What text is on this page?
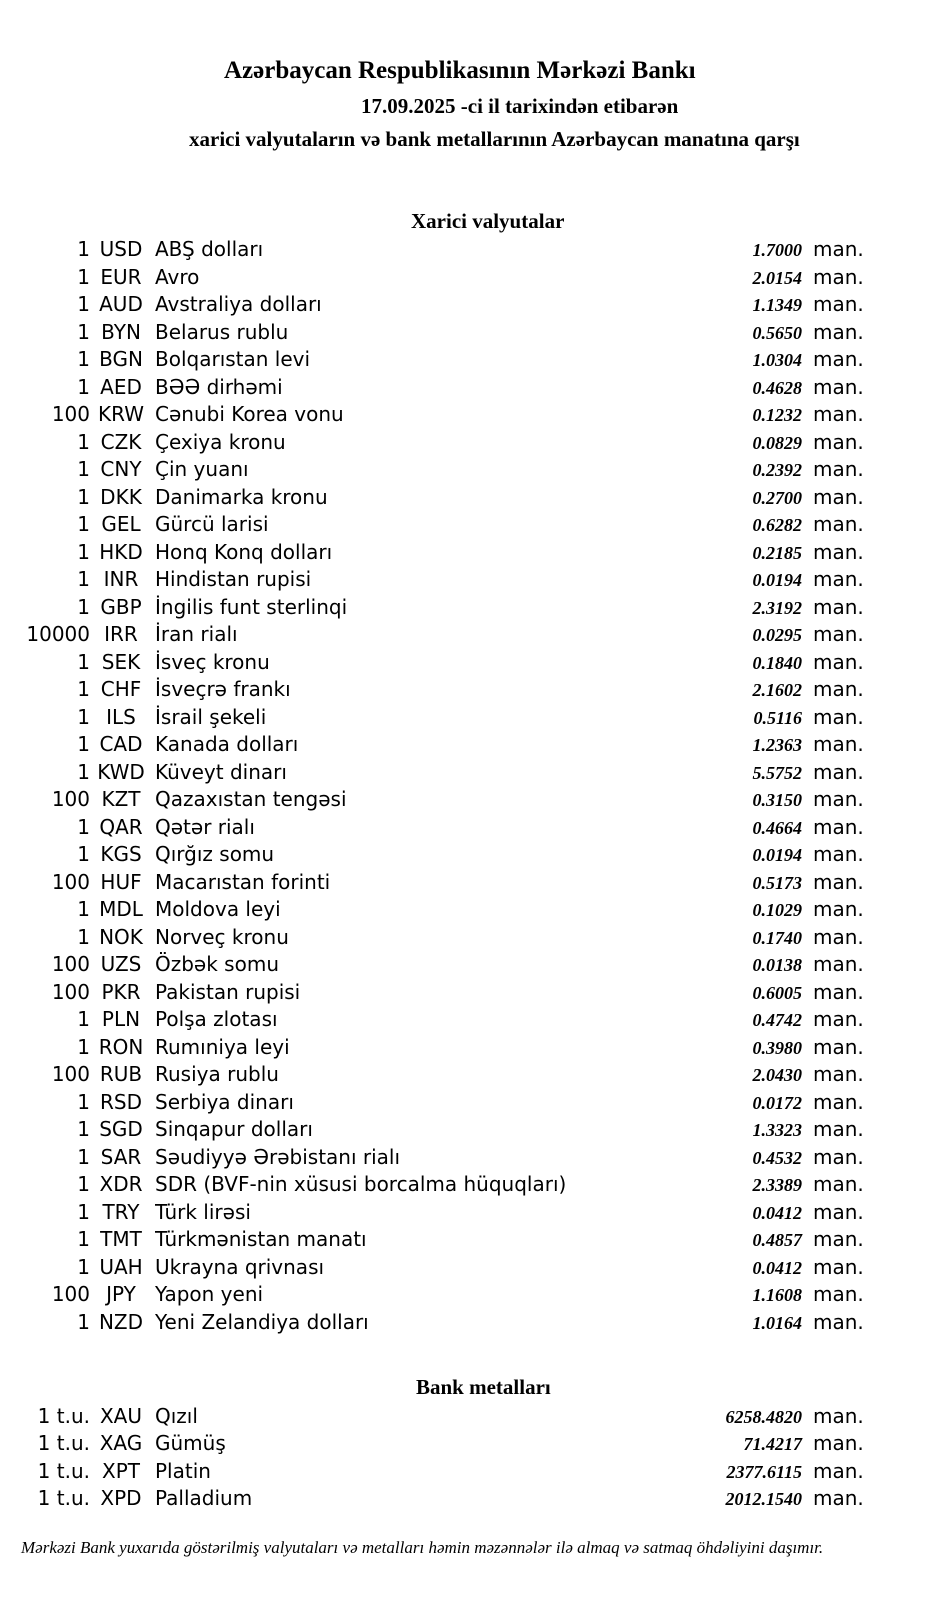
Azərbaycan Respublikasının Mərkəzi Bankı
17.09.2025 -ci il tarixindən etibarən
xarici valyutaların və bank metallarının Azərbaycan manatına qarşı
Xarici valyutalar
1 USD ABŞ dolları	1.7000 man.
1 EUR Avro	2.0154 man.
1 AUD Avstraliya dolları	1.1349 man.
1 BYN Belarus rublu	0.5650 man.
1 BGN Bolqarıstan levi	1.0304 man.
1 AED BƏƏ dirhəmi	0.4628 man.
100 KRW Cənubi Korea vonu	0.1232 man.
1 CZK Çexiya kronu	0.0829 man.
1 CNY Çin yuanı	0.2392 man.
1 DKK Danimarka kronu	0.2700 man.
1 GEL Gürcü larisi	0.6282 man.
1 HKD Honq Konq dolları	0.2185 man.
1 INR Hindistan rupisi	0.0194 man.
1 GBP İngilis funt sterlinqi	2.3192 man.
10000 IRR İran rialı	0.0295 man.
1 SEK İsveç kronu	0.1840 man.
1 CHF İsveçrə frankı	2.1602 man.
1 ILS İsrail şekeli	0.5116 man.
1 CAD Kanada dolları	1.2363 man.
1 KWD Küveyt dinarı	5.5752 man.
100 KZT Qazaxıstan tengəsi	0.3150 man.
1 QAR Qətər rialı	0.4664 man.
1 KGS Qırğız somu	0.0194 man.
100 HUF Macarıstan forinti	0.5173 man.
1 MDL Moldova leyi	0.1029 man.
1 NOK Norveç kronu	0.1740 man.
100 UZS Özbək somu	0.0138 man.
100 PKR Pakistan rupisi	0.6005 man.
1 PLN Polşa zlotası	0.4742 man.
1 RON Rumıniya leyi	0.3980 man.
100 RUB Rusiya rublu	2.0430 man.
1 RSD Serbiya dinarı	0.0172 man.
1 SGD Sinqapur dolları	1.3323 man.
1 SAR Səudiyyə Ərəbistanı rialı	0.4532 man.
1 XDR SDR (BVF-nin xüsusi borcalma hüquqları)	2.3389 man.
1 TRY Türk lirəsi	0.0412 man.
1 TMT Türkmənistan manatı	0.4857 man.
1 UAH Ukrayna qrivnası	0.0412 man.
100 JPY Yapon yeni	1.1608 man.
1 NZD Yeni Zelandiya dolları	1.0164 man.
Bank metalları
1 t.u. XAU Qızıl	6258.4820 man.
1 t.u. XAG Gümüş	71.4217 man.
1 t.u. XPT Platin	2377.6115 man.
1 t.u. XPD Palladium	2012.1540 man.
Mərkəzi Bank yuxarıda göstərilmiş valyutaları və metalları həmin məzənnələr ilə almaq və satmaq öhdəliyini daşımır.
